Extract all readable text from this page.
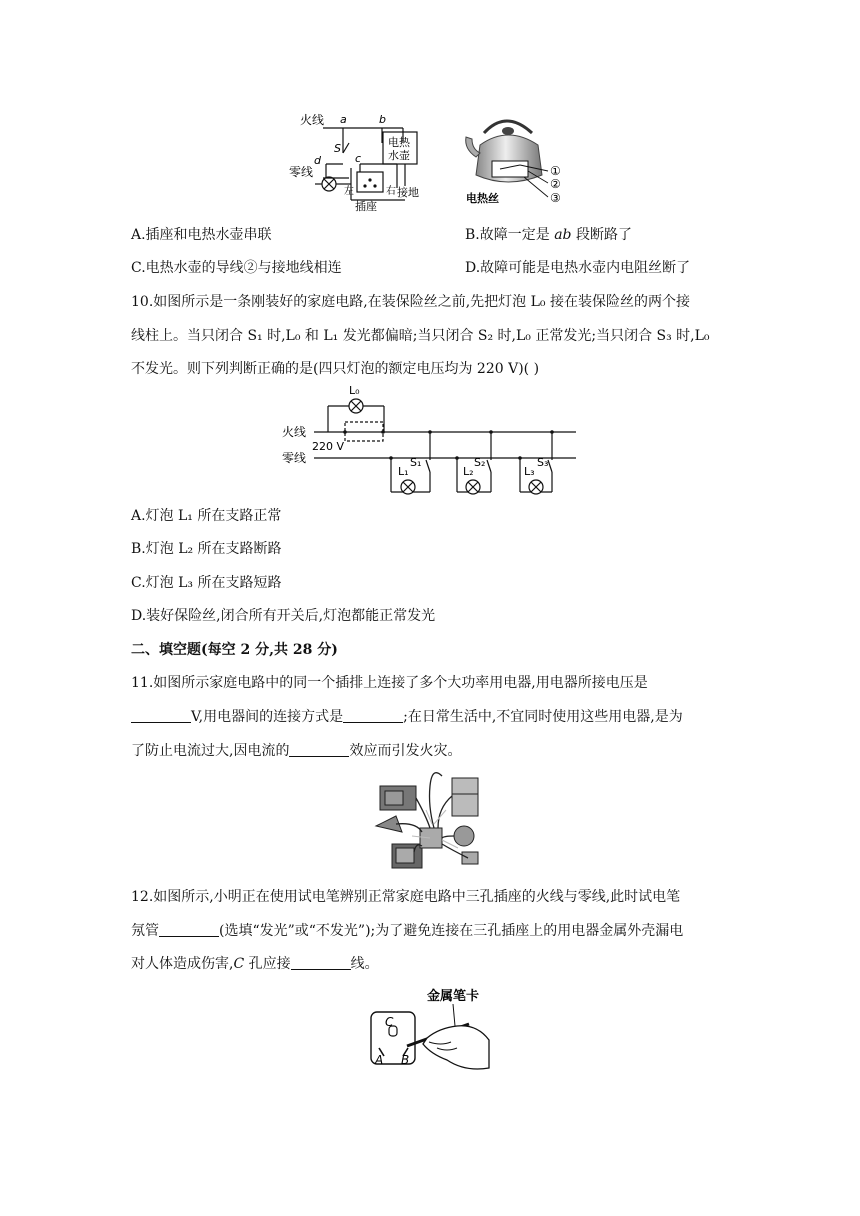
火线
零线
a	b
c
d
S	电热
水壶
左	右
插座
接地
①
②
③
电热丝
A.插座和电热水壶串联	B.故障一定是 ab 段断路了
C.电热水壶的导线②与接地线相连	D.故障可能是电热水壶内电阻丝断了
10.如图所示是一条刚装好的家庭电路,在装保险丝之前,先把灯泡 L₀ 接在装保险丝的两个接
线柱上。当只闭合 S₁ 时,L₀ 和 L₁ 发光都偏暗;当只闭合 S₂ 时,L₀ 正常发光;当只闭合 S₃ 时,L₀
不发光。则下列判断正确的是(四只灯泡的额定电压均为 220 V)( )
火线
零线
220 V
L₀
L₁	L₂	L₃
S₁	S₂	S₃
A.灯泡 L₁ 所在支路正常
B.灯泡 L₂ 所在支路断路
C.灯泡 L₃ 所在支路短路
D.装好保险丝,闭合所有开关后,灯泡都能正常发光
二、填空题(每空 2 分,共 28 分)
11.如图所示家庭电路中的同一个插排上连接了多个大功率用电器,用电器所接电压是
V,用电器间的连接方式是	;在日常生活中,不宜同时使用这些用电器,是为
了防止电流过大,因电流的	效应而引发火灾。
12.如图所示,小明正在使用试电笔辨别正常家庭电路中三孔插座的火线与零线,此时试电笔
氖管	(选填“发光”或“不发光”);为了避免连接在三孔插座上的用电器金属外壳漏电
对人体造成伤害,C 孔应接	线。
金属笔卡
C
A B
